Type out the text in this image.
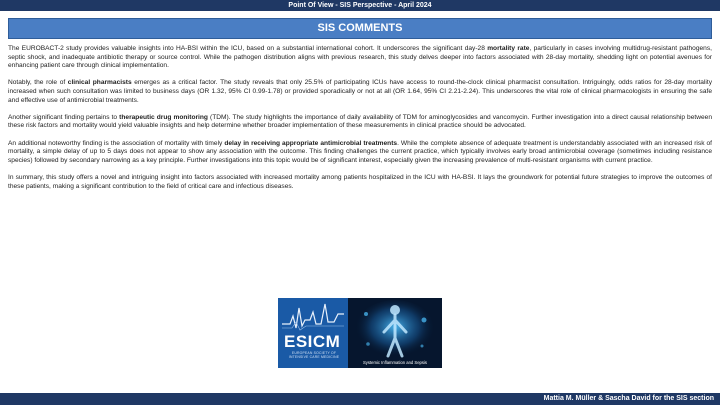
Point Of View - SIS Perspective - April 2024
SIS COMMENTS

The EUROBACT-2 study provides valuable insights into HA-BSI within the ICU, based on a substantial international cohort. It underscores the significant day-28 mortality rate, particularly in cases involving multidrug-resistant pathogens, septic shock, and inadequate antibiotic therapy or source control. While the pathogen distribution aligns with previous research, this study delves deeper into factors associated with 28-day mortality, shedding light on potential avenues for enhancing patient care through clinical implementation.

Notably, the role of clinical pharmacists emerges as a critical factor. The study reveals that only 25.5% of participating ICUs have access to round-the-clock clinical pharmacist consultation. Intriguingly, odds ratios for 28-day mortality increased when such consultation was limited to business days (OR 1.32, 95% CI 0.99-1.78) or provided sporadically or not at all (OR 1.64, 95% CI 2.21-2.24). This underscores the vital role of clinical pharmacologists in ensuring the safe and effective use of antimicrobial treatments.

Another significant finding pertains to therapeutic drug monitoring (TDM). The study highlights the importance of daily availability of TDM for aminoglycosides and vancomycin. Further investigation into a direct causal relationship between these risk factors and mortality would yield valuable insights and help determine whether broader implementation of these measurements in clinical practice should be advocated.

An additional noteworthy finding is the association of mortality with timely delay in receiving appropriate antimicrobial treatments. While the complete absence of adequate treatment is understandably associated with an increased risk of mortality, a simple delay of up to 5 days does not appear to show any association with the outcome. This finding challenges the current practice, which typically involves early broad antimicrobial coverage (sometimes including resistance species) followed by secondary narrowing as a key principle. Further investigations into this topic would be of significant interest, especially given the increasing prevalence of multi-resistant organisms with current practice.

In summary, this study offers a novel and intriguing insight into factors associated with increased mortality among patients hospitalized in the ICU with HA-BSI. It lays the groundwork for potential future strategies to improve the outcomes of these patients, making a significant contribution to the field of critical care and infectious diseases.

ESICM
EUROPEAN SOCIETY OF INTENSIVE CARE MEDICINE
Systemic Inflammation and Sepsis
Mattia M. Müller & Sascha David for the SIS section
